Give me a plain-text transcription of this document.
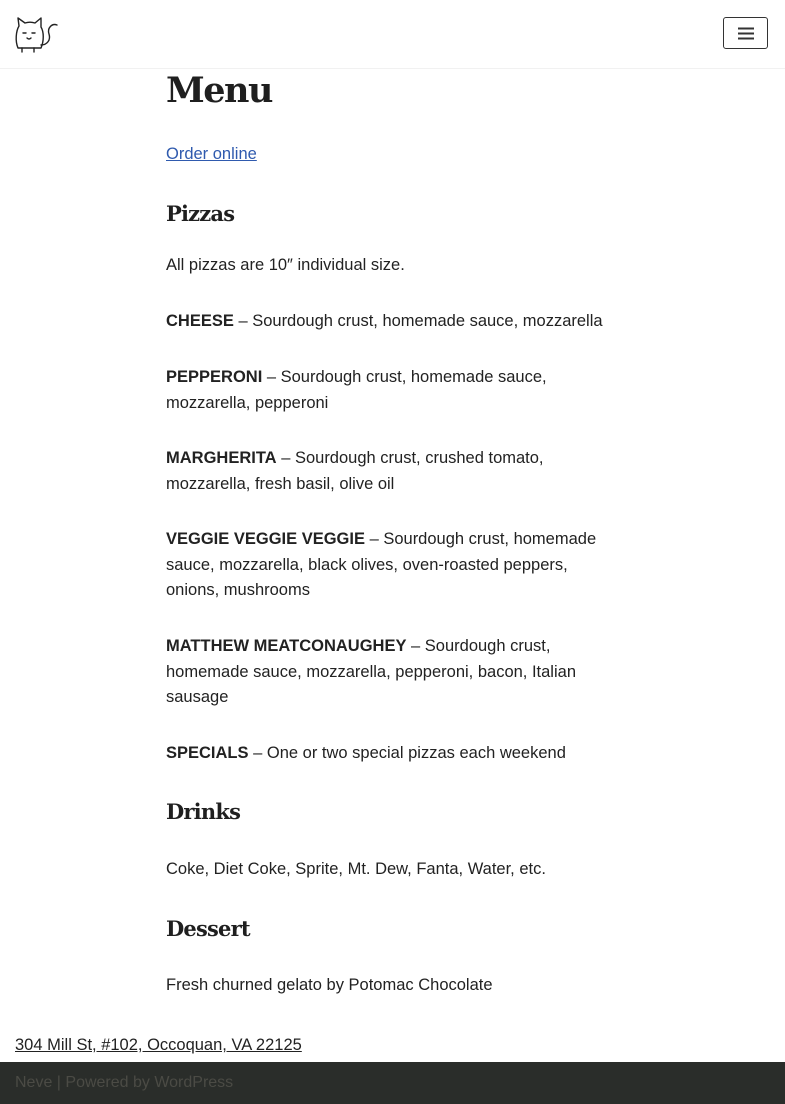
Menu
Order online
Pizzas
All pizzas are 10″ individual size.
CHEESE – Sourdough crust, homemade sauce, mozzarella
PEPPERONI – Sourdough crust, homemade sauce, mozzarella, pepperoni
MARGHERITA – Sourdough crust, crushed tomato, mozzarella, fresh basil, olive oil
VEGGIE VEGGIE VEGGIE – Sourdough crust, homemade sauce, mozzarella, black olives, oven-roasted peppers, onions, mushrooms
MATTHEW MEATCONAUGHEY – Sourdough crust, homemade sauce, mozzarella, pepperoni, bacon, Italian sausage
SPECIALS – One or two special pizzas each weekend
Drinks
Coke, Diet Coke, Sprite, Mt. Dew, Fanta, Water, etc.
Dessert
Fresh churned gelato by Potomac Chocolate
304 Mill St, #102, Occoquan, VA 22125
Neve | Powered by WordPress
